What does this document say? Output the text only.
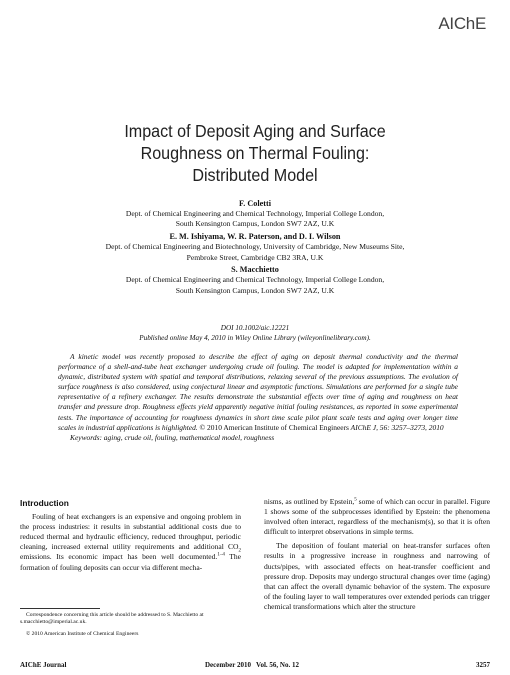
AIChE
Impact of Deposit Aging and Surface
Roughness on Thermal Fouling:
Distributed Model
F. Coletti
Dept. of Chemical Engineering and Chemical Technology, Imperial College London,
South Kensington Campus, London SW7 2AZ, U.K
E. M. Ishiyama, W. R. Paterson, and D. I. Wilson
Dept. of Chemical Engineering and Biotechnology, University of Cambridge, New Museums Site,
Pembroke Street, Cambridge CB2 3RA, U.K
S. Macchietto
Dept. of Chemical Engineering and Chemical Technology, Imperial College London,
South Kensington Campus, London SW7 2AZ, U.K
DOI 10.1002/aic.12221
Published online May 4, 2010 in Wiley Online Library (wileyonlinelibrary.com).
A kinetic model was recently proposed to describe the effect of aging on deposit thermal conductivity and the thermal performance of a shell-and-tube heat exchanger undergoing crude oil fouling. The model is adapted for implementation within a dynamic, distributed system with spatial and temporal distributions, relaxing several of the previous assumptions. The evolution of surface roughness is also considered, using conjectural linear and asymptotic functions. Simulations are performed for a single tube representative of a refinery exchanger. The results demonstrate the substantial effects over time of aging and roughness on heat transfer and pressure drop. Roughness effects yield apparently negative initial fouling resistances, as reported in some experimental tests. The importance of accounting for roughness dynamics in short time scale pilot plant scale tests and aging over longer time scales in industrial applications is highlighted. © 2010 American Institute of Chemical Engineers AIChE J, 56: 3257–3273, 2010
Keywords: aging, crude oil, fouling, mathematical model, roughness
Introduction

Fouling of heat exchangers is an expensive and ongoing problem in the process industries: it results in substantial additional costs due to reduced thermal and hydraulic efficiency, reduced throughput, periodic cleaning, increased external utility requirements and additional $CO_2$ emissions. Its economic impact has been well documented.$^{1-4}$ The formation of fouling deposits can occur via different mecha-

nisms, as outlined by Epstein,$^5$ some of which can occur in parallel. Figure 1 shows some of the subprocesses identified by Epstein: the phenomena involved often interact, regardless of the mechanism(s), so that it is often difficult to interpret observations in simple terms.

The deposition of foulant material on heat-transfer surfaces often results in a progressive increase in roughness and narrowing of ducts/pipes, with associated effects on heat-transfer coefficient and pressure drop. Deposits may undergo structural changes over time (aging) that can affect the overall dynamic behavior of the system. The exposure of the fouling layer to wall temperatures over extended periods can trigger chemical transformations which alter the structure

Correspondence concerning this article should be addressed to S. Macchietto at s.macchietto@imperial.ac.uk.

© 2010 American Institute of Chemical Engineers

AIChE Journal	December 2010   Vol. 56, No. 12	3257
